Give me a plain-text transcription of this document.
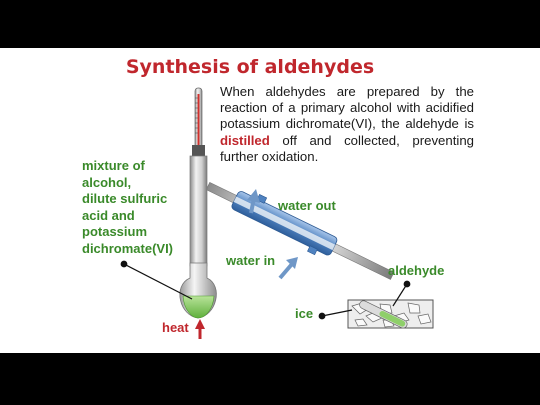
Synthesis of aldehydes
When aldehydes are prepared by the reaction of a primary alcohol with acidified potassium dichromate(VI), the aldehyde is distilled off and collected, preventing further oxidation.
mixture of
alcohol,
dilute sulfuric
acid and
potassium
dichromate(VI)
water out
water in
heat
ice
aldehyde
